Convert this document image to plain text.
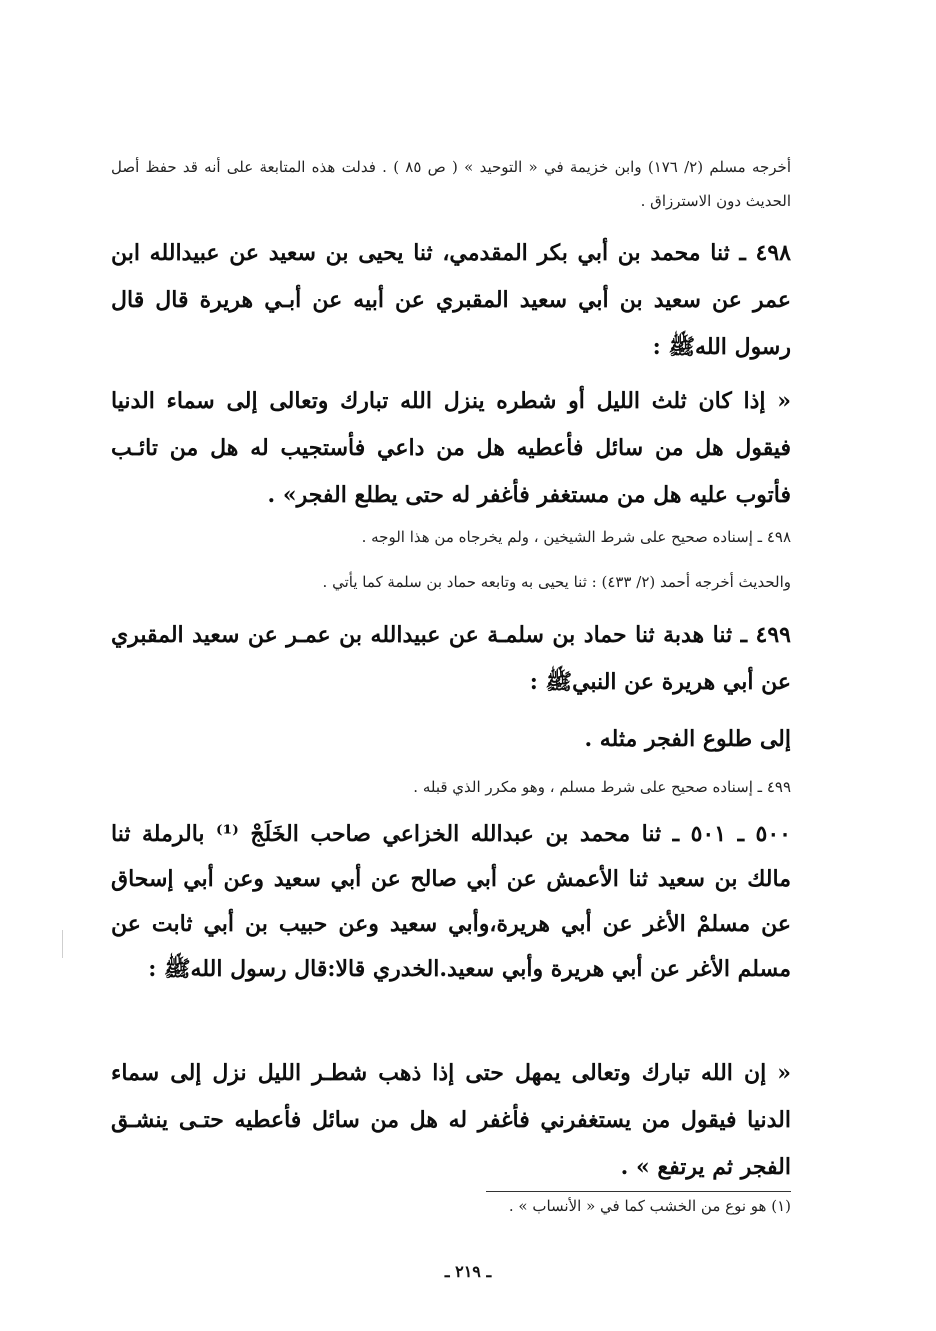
أخرجه مسلم (٢/ ١٧٦) وابن خزيمة في « التوحيد » ( ص ٨٥ ) . فدلت هذه المتابعة على أنه قد حفظ أصل الحديث دون الاسترزاق .
٤٩٨ ـ ثنا محمد بن أبي بكر المقدمي، ثنا يحيى بن سعيد عن عبيدالله ابن عمر عن سعيد بن أبي سعيد المقبري عن أبيه عن أبـي هريرة قال قال رسول اللهﷺ :
« إذا كان ثلث الليل أو شطره ينزل الله تبارك وتعالى إلى سماء الدنيا فيقول هل من سائل فأعطيه هل من داعي فأستجيب له هل من تائـب فأتوب عليه هل من مستغفر فأغفر له حتى يطلع الفجر» .
٤٩٨ ـ إسناده صحيح على شرط الشيخين ، ولم يخرجاه من هذا الوجه .
والحديث أخرجه أحمد (٢/ ٤٣٣) : ثنا يحيى به وتابعه حماد بن سلمة كما يأتي .
٤٩٩ ـ ثنا هدبة ثنا حماد بن سلمـة عن عبيدالله بن عمـر عن سعيد المقبري عن أبي هريرة عن النبيﷺ :
إلى طلوع الفجر مثله .
٤٩٩ ـ إسناده صحيح على شرط مسلم ، وهو مكرر الذي قبله .
٥٠٠ ـ ٥٠١ ـ ثنا محمد بن عبدالله الخزاعي صاحب الخَلَجْ ⁽¹⁾ بالرملة ثنا مالك بن سعيد ثنا الأعمش عن أبي صالح عن أبي سعيد وعن أبي إسحاق عن مسلمْ الأغر عن أبي هريرة،وأبي سعيد وعن حبيب بن أبي ثابت عن مسلم الأغر عن أبي هريرة وأبي سعيد.الخدري قالا:قال رسول اللهﷺ :
« إن الله تبارك وتعالى يمهل حتى إذا ذهب شطـر الليل نزل إلى سماء الدنيا فيقول من يستغفرني فأغفر له هل من سائل فأعطيه حتـى ينشـق الفجر ثم يرتفع » .
(١) هو نوع من الخشب كما في « الأنساب » .
ـ ٢١٩ ـ
